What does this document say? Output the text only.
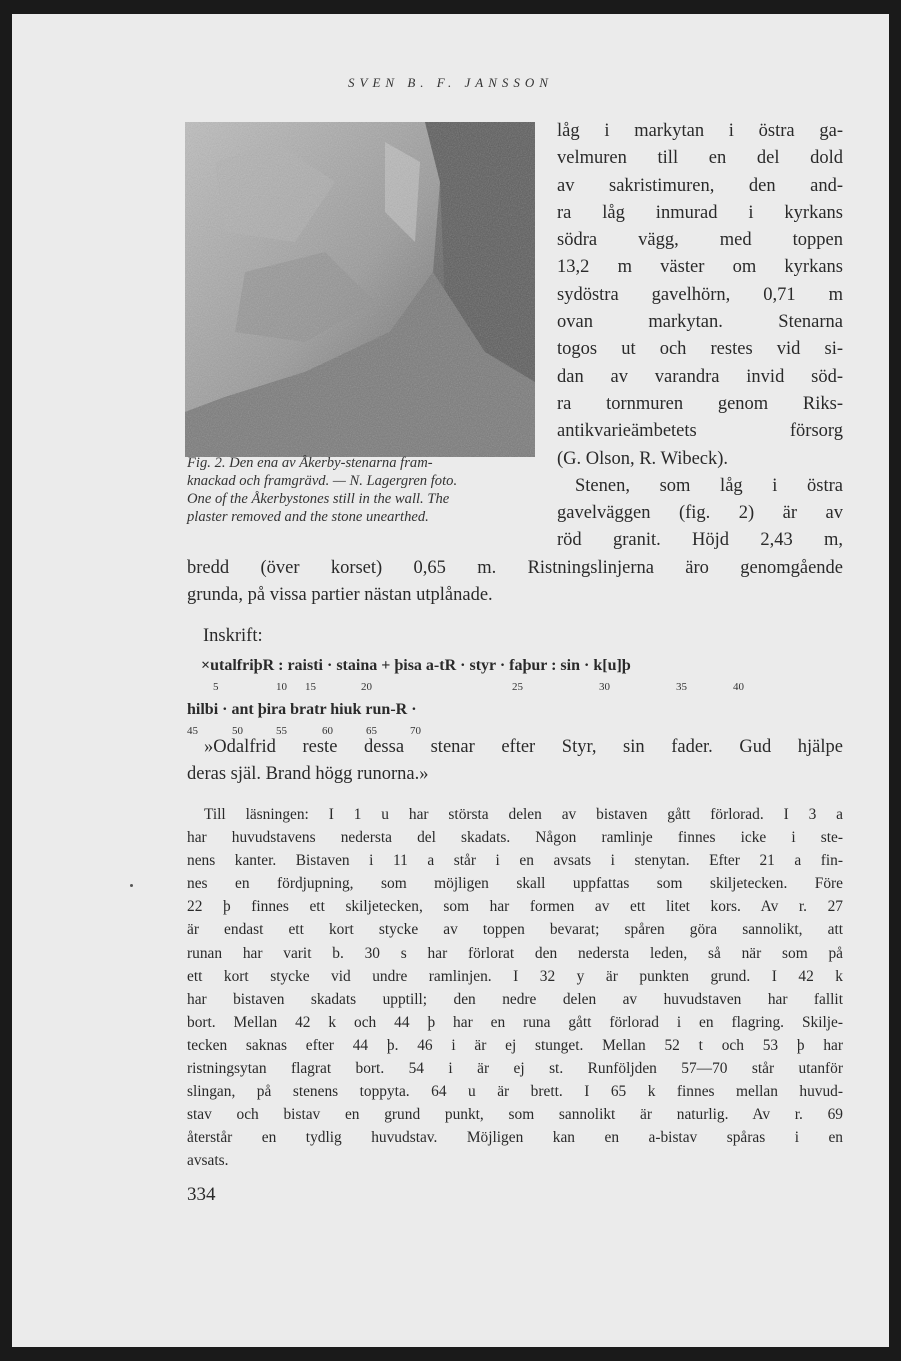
SVEN B. F. JANSSON

Fig. 2. Den ena av Åkerby-stenarna fram-

knackad och framgrävd. — N. Lagergren foto.

One of the Åkerbystones still in the wall. The

plaster removed and the stone unearthed.

låg i markytan i östra ga-
velmuren till en del dold
av sakristimuren, den and-
ra låg inmurad i kyrkans
södra vägg, med toppen
13,2 m väster om kyrkans
sydöstra gavelhörn, 0,71 m
ovan markytan. Stenarna
togos ut och restes vid si-
dan av varandra invid söd-
ra tornmuren genom Riks-
antikvarieämbetets försorg
(G. Olson, R. Wibeck).
Stenen, som låg i östra
gavelväggen (fig. 2) är av
röd granit. Höjd 2,43 m,
bredd (över korset) 0,65 m. Ristningslinjerna äro genomgående
grunda, på vissa partier nästan utplånade.
Inskrift:
×utalfriþR : raisti · staina + þisa a-tR · styr · faþur : sin · k[u]þ
5	10 15	20	25	30	35	40
hilbi · ant þira bratr hiuk run-R ·
45	50	55	60	65	70
»Odalfrid reste dessa stenar efter Styr, sin fader. Gud hjälpe
deras själ. Brand högg runorna.»
Till läsningen: I 1 u har största delen av bistaven gått förlorad. I 3 a
har huvudstavens nedersta del skadats. Någon ramlinje finnes icke i ste-
nens kanter. Bistaven i 11 a står i en avsats i stenytan. Efter 21 a fin-
nes en fördjupning, som möjligen skall uppfattas som skiljetecken. Före
22 þ finnes ett skiljetecken, som har formen av ett litet kors. Av r. 27
är endast ett kort stycke av toppen bevarat; spåren göra sannolikt, att
runan har varit b. 30 s har förlorat den nedersta leden, så när som på
ett kort stycke vid undre ramlinjen. I 32 y är punkten grund. I 42 k
har bistaven skadats upptill; den nedre delen av huvudstaven har fallit
bort. Mellan 42 k och 44 þ har en runa gått förlorad i en flagring. Skilje-
tecken saknas efter 44 þ. 46 i är ej stunget. Mellan 52 t och 53 þ har
ristningsytan flagrat bort. 54 i är ej st. Runföljden 57—70 står utanför
slingan, på stenens toppyta. 64 u är brett. I 65 k finnes mellan huvud-
stav och bistav en grund punkt, som sannolikt är naturlig. Av r. 69
återstår en tydlig huvudstav. Möjligen kan en a-bistav spåras i en
avsats.
334
